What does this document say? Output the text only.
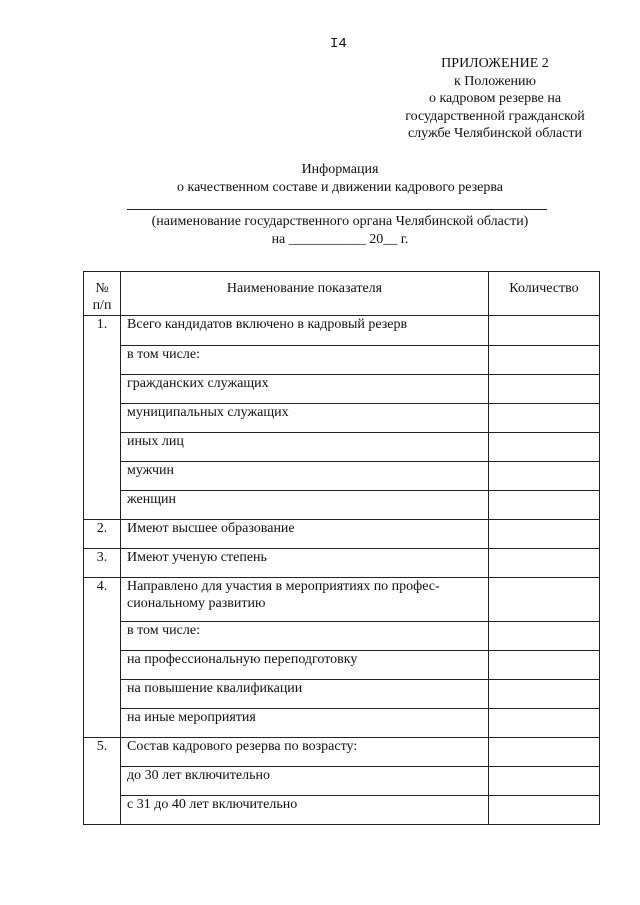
I4
ПРИЛОЖЕНИЕ 2
к Положению
о кадровом резерве на
государственной гражданской
службе Челябинской области
Информация
о качественном составе и движении кадрового резерва
(наименование государственного органа Челябинской области)
на ___________ 20__ г.
№ п/п	Наименование показателя	Количество
1.	Всего кандидатов включено в кадровый резерв	
	в том числе:	
	гражданских служащих	
	муниципальных служащих	
	иных лиц	
	мужчин	
	женщин	
2.	Имеют высшее образование	
3.	Имеют ученую степень	
4.	Направлено для участия в мероприятиях по профес- сиональному развитию	
	в том числе:	
	на профессиональную переподготовку	
	на повышение квалификации	
	на иные мероприятия	
5.	Состав кадрового резерва по возрасту:	
	до 30 лет включительно	
	с 31 до 40 лет включительно	
